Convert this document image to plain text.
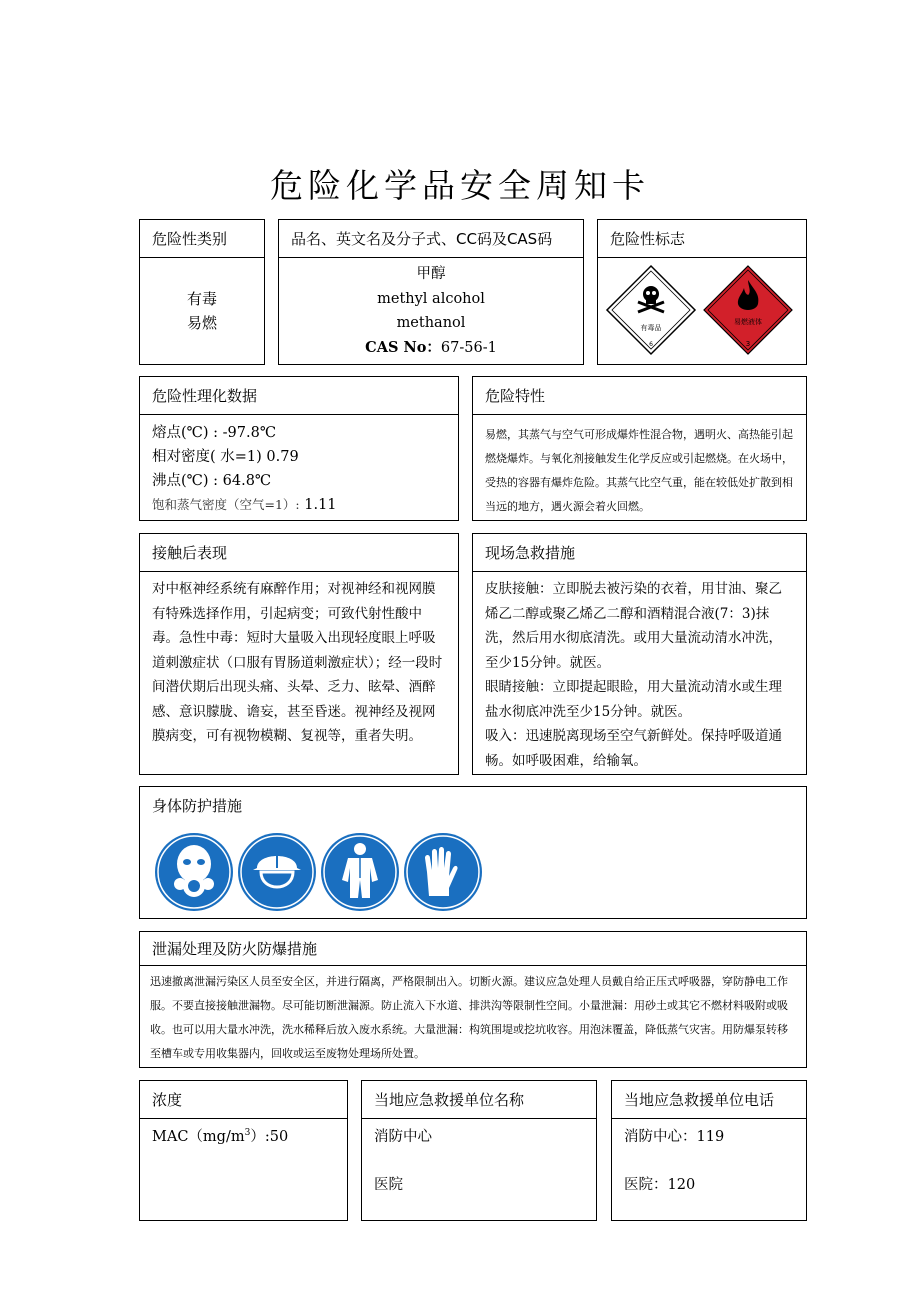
危险化学品安全周知卡
危险性类别
有毒
易燃
品名、英文名及分子式、CC码及CAS码
甲醇
methyl alcohol
methanol
CAS No：67-56-1
危险性标志
有毒品
6
易燃液体
3
危险性理化数据
熔点(℃) : -97.8℃
相对密度( 水=1) 0.79
沸点(℃) : 64.8℃
饱和蒸气密度（空气=1）: 1.11
危险特性
易燃，其蒸气与空气可形成爆炸性混合物，遇明火、高热能引起燃烧爆炸。与氧化剂接触发生化学反应或引起燃烧。在火场中，受热的容器有爆炸危险。其蒸气比空气重，能在较低处扩散到相当远的地方，遇火源会着火回燃。
接触后表现
对中枢神经系统有麻醉作用；对视神经和视网膜有特殊选择作用，引起病变；可致代射性酸中毒。急性中毒：短时大量吸入出现轻度眼上呼吸道刺激症状（口服有胃肠道刺激症状）；经一段时间潜伏期后出现头痛、头晕、乏力、眩晕、酒醉感、意识朦胧、谵妄，甚至昏迷。视神经及视网膜病变，可有视物模糊、复视等，重者失明。
现场急救措施
皮肤接触：立即脱去被污染的衣着，用甘油、聚乙烯乙二醇或聚乙烯乙二醇和酒精混合液(7：3)抹洗，然后用水彻底清洗。或用大量流动清水冲洗，至少15分钟。就医。
眼睛接触：立即提起眼睑，用大量流动清水或生理盐水彻底冲洗至少15分钟。就医。
吸入：迅速脱离现场至空气新鲜处。保持呼吸道通畅。如呼吸困难，给输氧。
身体防护措施
泄漏处理及防火防爆措施
迅速撤离泄漏污染区人员至安全区，并进行隔离，严格限制出入。切断火源。建议应急处理人员戴自给正压式呼吸器，穿防静电工作服。不要直接接触泄漏物。尽可能切断泄漏源。防止流入下水道、排洪沟等限制性空间。小量泄漏：用砂土或其它不燃材料吸附或吸收。也可以用大量水冲洗，洗水稀释后放入废水系统。大量泄漏：构筑围堤或挖坑收容。用泡沫覆盖，降低蒸气灾害。用防爆泵转移至槽车或专用收集器内，回收或运至废物处理场所处置。
浓度
$MAC(mg/m^3):50$
当地应急救援单位名称
消防中心
医院
当地应急救援单位电话
消防中心：119
医院：120
